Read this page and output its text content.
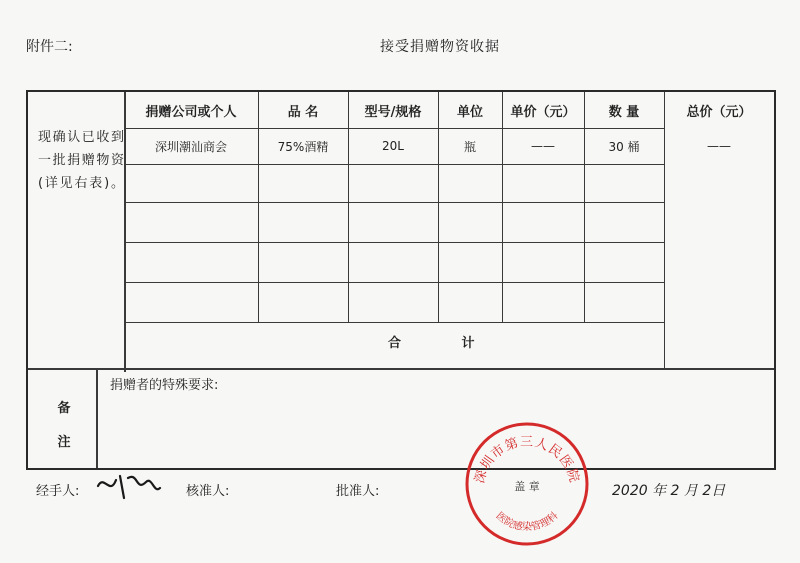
附件二:	接受捐赠物资收据
现确认已收到一批捐赠物资(详见右表)。
捐赠公司或个人	品 名	型号/规格	单位	单价（元）	数 量	总价（元）
深圳潮汕商会	75%酒精	20L	瓶	——	30 桶	——
合 计
备注
捐赠者的特殊要求:
经手人:	核准人:	批准人:
深圳市第三人民医院
医院感染管理科
盖 章	2020 年 2 月 2日
